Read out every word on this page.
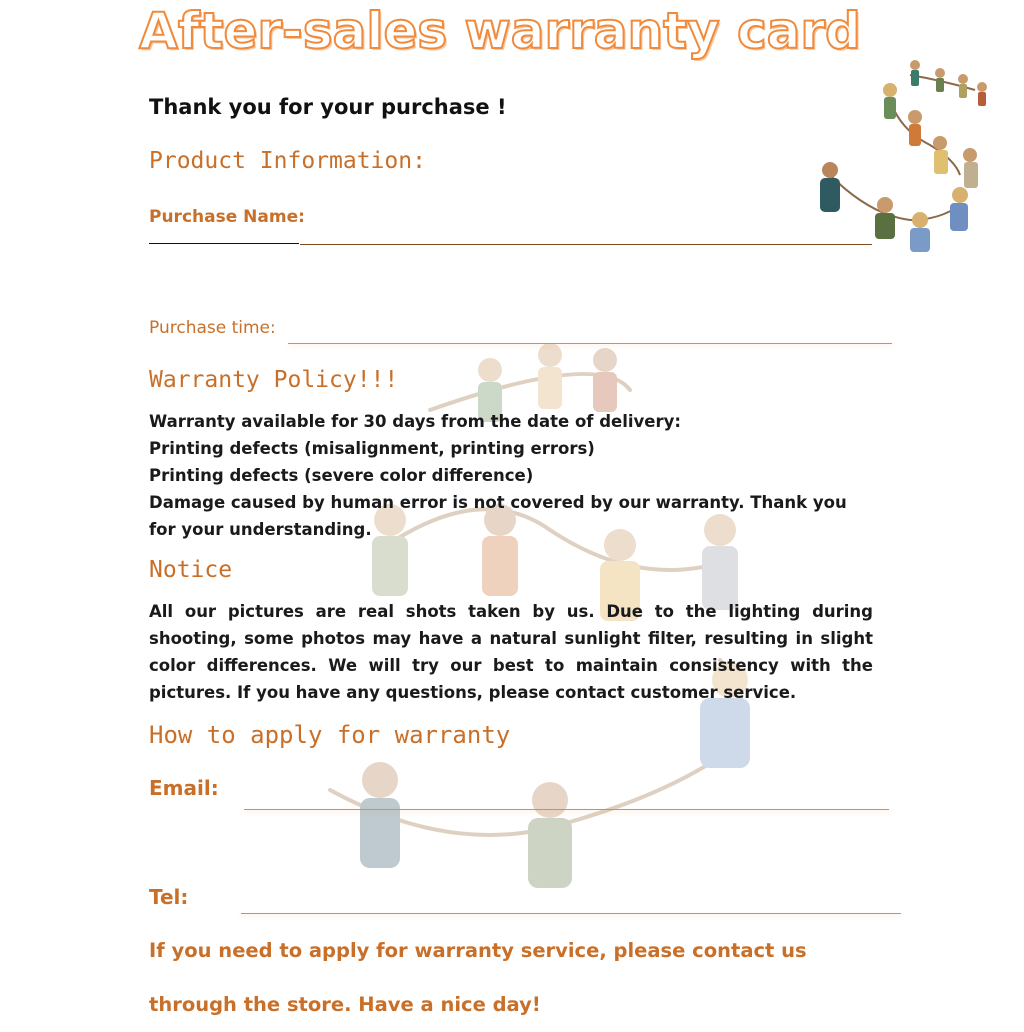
After-sales warranty card
Thank you for your purchase !
Product Information:
Purchase Name:
Purchase time:
Warranty Policy!!!
Warranty available for 30 days from the date of delivery:
Printing defects (misalignment, printing errors)
Printing defects (severe color difference)
Damage caused by human error is not covered by our warranty. Thank you for your understanding.
Notice
All our pictures are real shots taken by us. Due to the lighting during shooting, some photos may have a natural sunlight filter, resulting in slight color differences. We will try our best to maintain consistency with the pictures. If you have any questions, please contact customer service.
How to apply for warranty
Email:
Tel:
If you need to apply for warranty service, please contact us through the store. Have a nice day!
